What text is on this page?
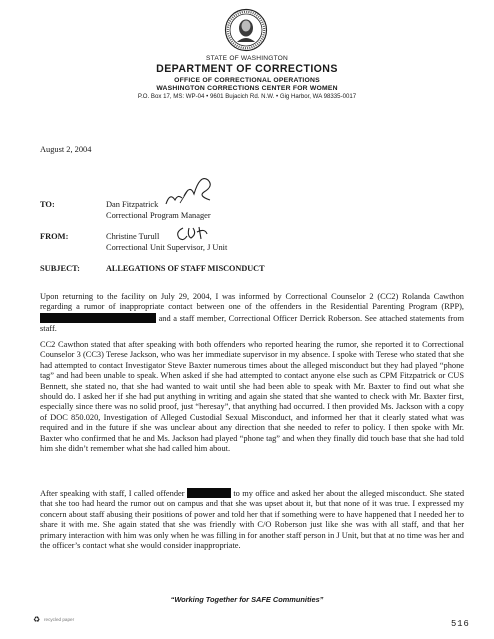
STATE OF WASHINGTON
DEPARTMENT OF CORRECTIONS
OFFICE OF CORRECTIONAL OPERATIONS
WASHINGTON CORRECTIONS CENTER FOR WOMEN
P.O. Box 17, MS: WP-04 • 9601 Bujacich Rd. N.W. • Gig Harbor, WA 98335-0017
August 2, 2004
TO:	Dan Fitzpatrick
Correctional Program Manager
FROM:	Christine Turull
Correctional Unit Supervisor, J Unit
SUBJECT:	ALLEGATIONS OF STAFF MISCONDUCT
Upon returning to the facility on July 29, 2004, I was informed by Correctional Counselor 2 (CC2) Rolanda Cawthon regarding a rumor of inappropriate contact between one of the offenders in the Residential Parenting Program (RPP),  and a staff member, Correctional Officer Derrick Roberson. See attached statements from staff.

CC2 Cawthon stated that after speaking with both offenders who reported hearing the rumor, she reported it to Correctional Counselor 3 (CC3) Terese Jackson, who was her immediate supervisor in my absence. I spoke with Terese who stated that she had attempted to contact Investigator Steve Baxter numerous times about the alleged misconduct but they had played “phone tag” and had been unable to speak. When asked if she had attempted to contact anyone else such as CPM Fitzpatrick or CUS Bennett, she stated no, that she had wanted to wait until she had been able to speak with Mr. Baxter to find out what she should do. I asked her if she had put anything in writing and again she stated that she wanted to check with Mr. Baxter first, especially since there was no solid proof, just “heresay”, that anything had occurred. I then provided Ms. Jackson with a copy of DOC 850.020, Investigation of Alleged Custodial Sexual Misconduct, and informed her that it clearly stated what was required and in the future if she was unclear about any direction that she needed to refer to policy. I then spoke with Mr. Baxter who confirmed that he and Ms. Jackson had played “phone tag” and when they finally did touch base that she had told him she didn’t remember what she had called him about.

After speaking with staff, I called offender	to my office and asked her about the alleged misconduct. She stated that she too had heard the rumor out on campus and that she was upset about it, but that none of it was true. I expressed my concern about staff abusing their positions of power and told her that if something were to have happened that I needed her to share it with me. She again stated that she was friendly with C/O Roberson just like she was with all staff, and that her primary interaction with him was only when he was filling in for another staff person in J Unit, but that at no time was her and the officer’s contact what she would consider inappropriate.
“Working Together for SAFE Communities”
♻ recycled paper	516
